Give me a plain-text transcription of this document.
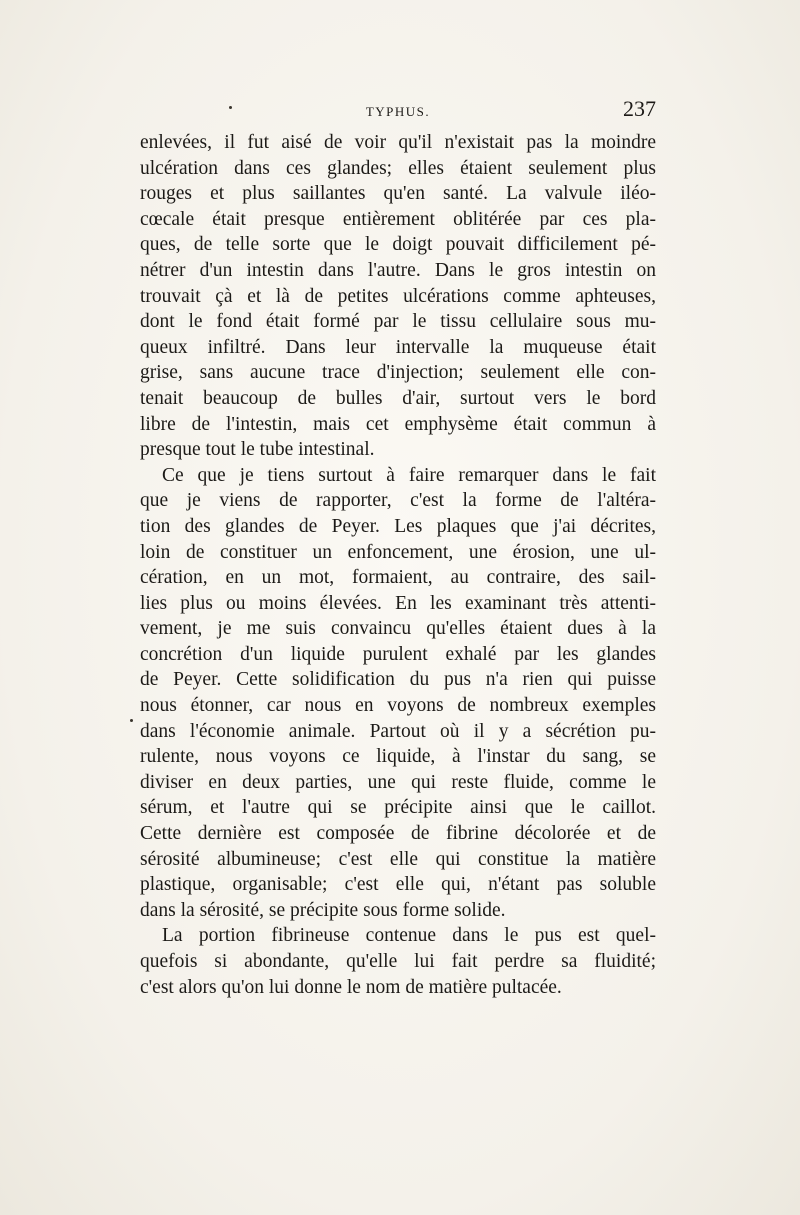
TYPHUS.	237
enlevées, il fut aisé de voir qu'il n'existait pas la moindre
ulcération dans ces glandes; elles étaient seulement plus
rouges et plus saillantes qu'en santé. La valvule iléo-
cœcale était presque entièrement oblitérée par ces pla-
ques, de telle sorte que le doigt pouvait difficilement pé-
nétrer d'un intestin dans l'autre. Dans le gros intestin on
trouvait çà et là de petites ulcérations comme aphteuses,
dont le fond était formé par le tissu cellulaire sous mu-
queux infiltré. Dans leur intervalle la muqueuse était
grise, sans aucune trace d'injection; seulement elle con-
tenait beaucoup de bulles d'air, surtout vers le bord
libre de l'intestin, mais cet emphysème était commun à
presque tout le tube intestinal.
Ce que je tiens surtout à faire remarquer dans le fait
que je viens de rapporter, c'est la forme de l'altéra-
tion des glandes de Peyer. Les plaques que j'ai décrites,
loin de constituer un enfoncement, une érosion, une ul-
cération, en un mot, formaient, au contraire, des sail-
lies plus ou moins élevées. En les examinant très attenti-
vement, je me suis convaincu qu'elles étaient dues à la
concrétion d'un liquide purulent exhalé par les glandes
de Peyer. Cette solidification du pus n'a rien qui puisse
nous étonner, car nous en voyons de nombreux exemples
dans l'économie animale. Partout où il y a sécrétion pu-
rulente, nous voyons ce liquide, à l'instar du sang, se
diviser en deux parties, une qui reste fluide, comme le
sérum, et l'autre qui se précipite ainsi que le caillot.
Cette dernière est composée de fibrine décolorée et de
sérosité albumineuse; c'est elle qui constitue la matière
plastique, organisable; c'est elle qui, n'étant pas soluble
dans la sérosité, se précipite sous forme solide.
La portion fibrineuse contenue dans le pus est quel-
quefois si abondante, qu'elle lui fait perdre sa fluidité;
c'est alors qu'on lui donne le nom de matière pultacée.
